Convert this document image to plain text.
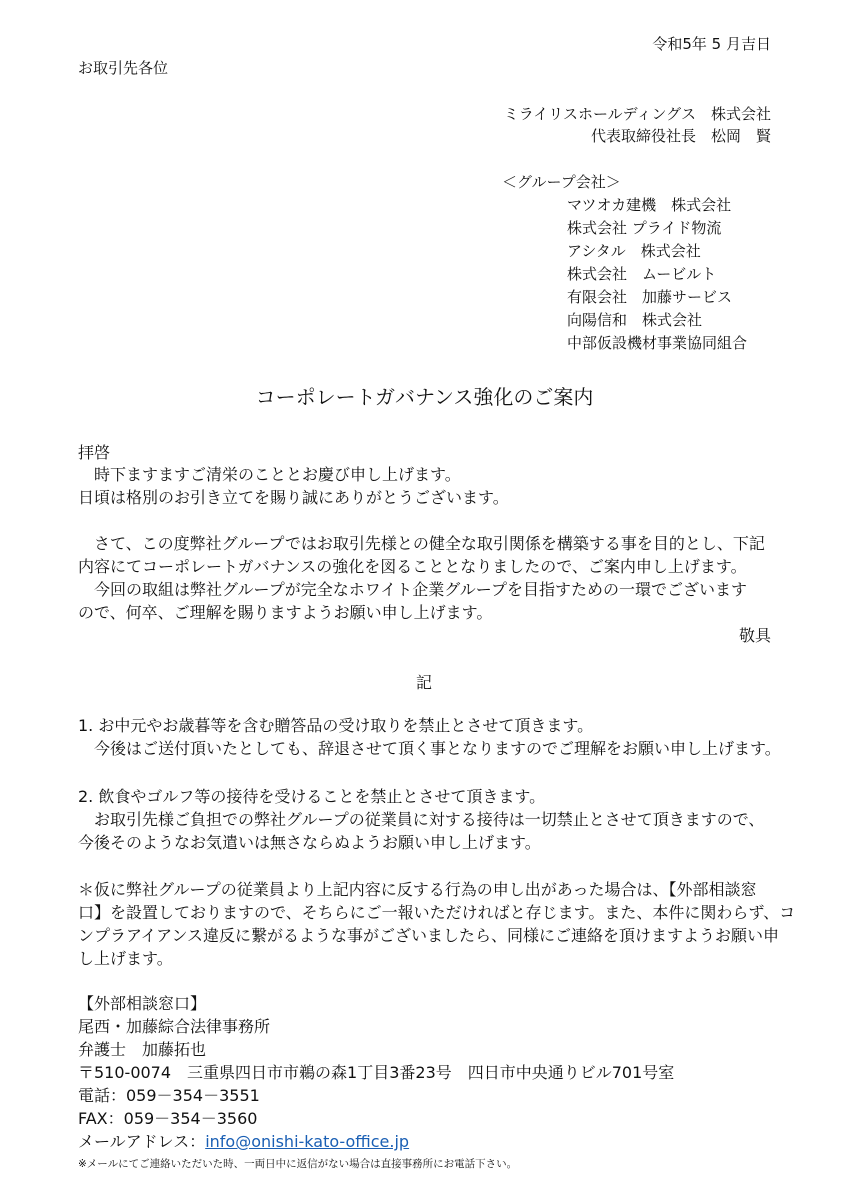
令和5年 5 月吉日
お取引先各位
ミライリスホールディングス　株式会社
代表取締役社長　松岡　賢
＜グループ会社＞
マツオカ建機　株式会社
株式会社 プライド物流
アシタル　株式会社
株式会社　ムービルト
有限会社　加藤サービス
向陽信和　株式会社
中部仮設機材事業協同組合
コーポレートガバナンス強化のご案内
拝啓
時下ますますご清栄のこととお慶び申し上げます。
日頃は格別のお引き立てを賜り誠にありがとうございます。
さて、この度弊社グループではお取引先様との健全な取引関係を構築する事を目的とし、下記
内容にてコーポレートガバナンスの強化を図ることとなりましたので、ご案内申し上げます。
今回の取組は弊社グループが完全なホワイト企業グループを目指すための一環でございます
ので、何卒、ご理解を賜りますようお願い申し上げます。
敬具
記
1. お中元やお歳暮等を含む贈答品の受け取りを禁止とさせて頂きます。
今後はご送付頂いたとしても、辞退させて頂く事となりますのでご理解をお願い申し上げます。
2. 飲食やゴルフ等の接待を受けることを禁止とさせて頂きます。
お取引先様ご負担での弊社グループの従業員に対する接待は一切禁止とさせて頂きますので、
今後そのようなお気遣いは無さならぬようお願い申し上げます。
＊仮に弊社グループの従業員より上記内容に反する行為の申し出があった場合は、【外部相談窓
口】を設置しておりますので、そちらにご一報いただければと存じます。また、本件に関わらず、コ
ンプラアイアンス違反に繋がるような事がございましたら、同様にご連絡を頂けますようお願い申
し上げます。
【外部相談窓口】
尾西・加藤綜合法律事務所
弁護士　加藤拓也
〒510-0074　三重県四日市市鵜の森1丁目3番23号　四日市中央通りビル701号室
電話：059－354－3551
FAX：059－354－3560
メールアドレス：info@onishi-kato-office.jp
※メールにてご連絡いただいた時、一両日中に返信がない場合は直接事務所にお電話下さい。
